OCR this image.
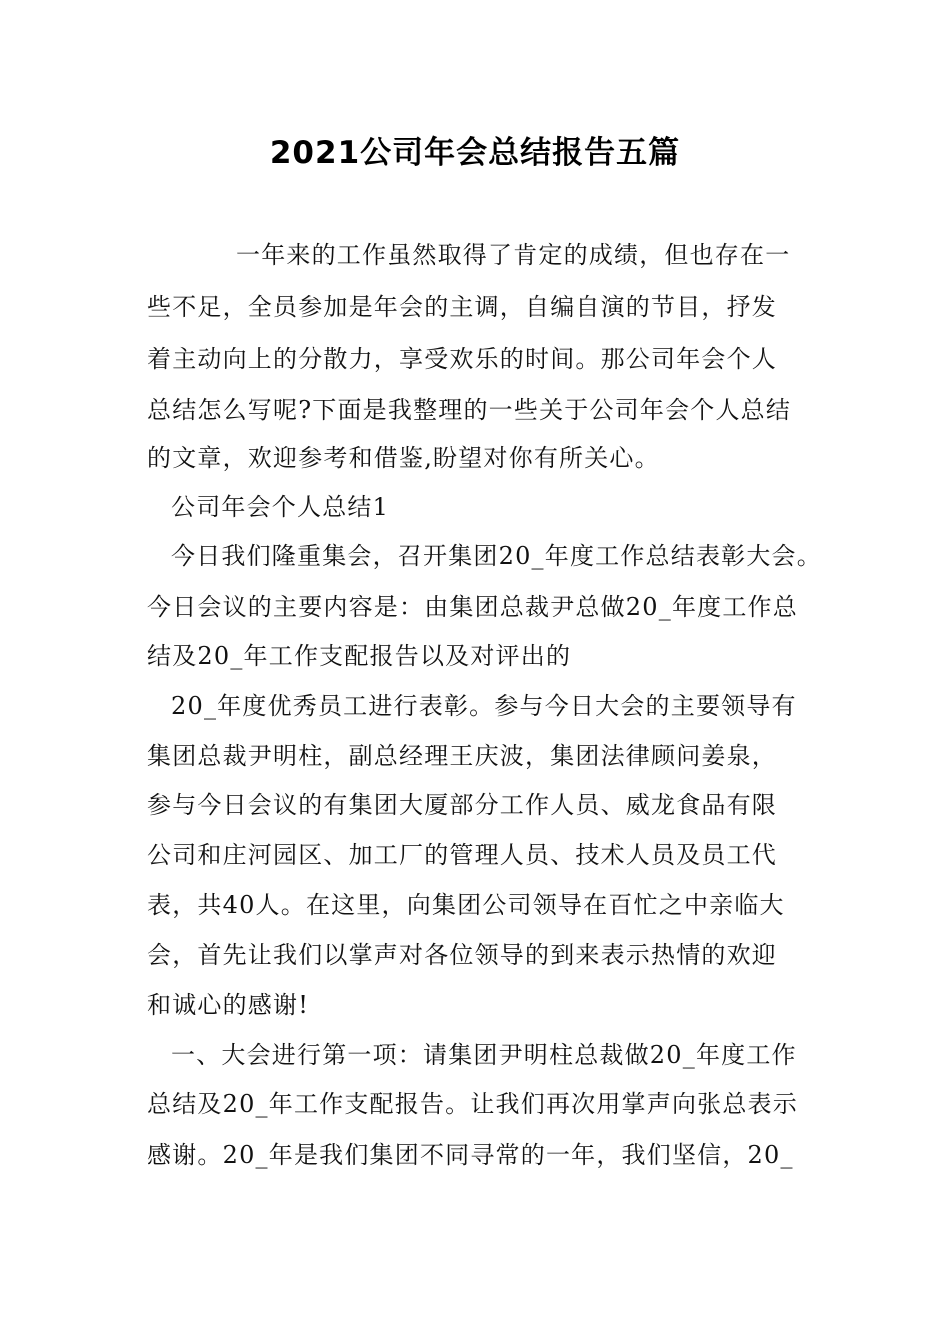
2021公司年会总结报告五篇
一年来的工作虽然取得了肯定的成绩，但也存在一
些不足，全员参加是年会的主调，自编自演的节目，抒发
着主动向上的分散力，享受欢乐的时间。那公司年会个人
总结怎么写呢?下面是我整理的一些关于公司年会个人总结
的文章，欢迎参考和借鉴,盼望对你有所关心。
公司年会个人总结1
今日我们隆重集会，召开集团20_年度工作总结表彰大会。
今日会议的主要内容是：由集团总裁尹总做20_年度工作总
结及20_年工作支配报告以及对评出的
20_年度优秀员工进行表彰。参与今日大会的主要领导有
集团总裁尹明柱，副总经理王庆波，集团法律顾问姜泉，
参与今日会议的有集团大厦部分工作人员、威龙食品有限
公司和庄河园区、加工厂的管理人员、技术人员及员工代
表，共40人。在这里，向集团公司领导在百忙之中亲临大
会，首先让我们以掌声对各位领导的到来表示热情的欢迎
和诚心的感谢!
一、大会进行第一项：请集团尹明柱总裁做20_年度工作
总结及20_年工作支配报告。让我们再次用掌声向张总表示
感谢。20_年是我们集团不同寻常的一年，我们坚信，20_
